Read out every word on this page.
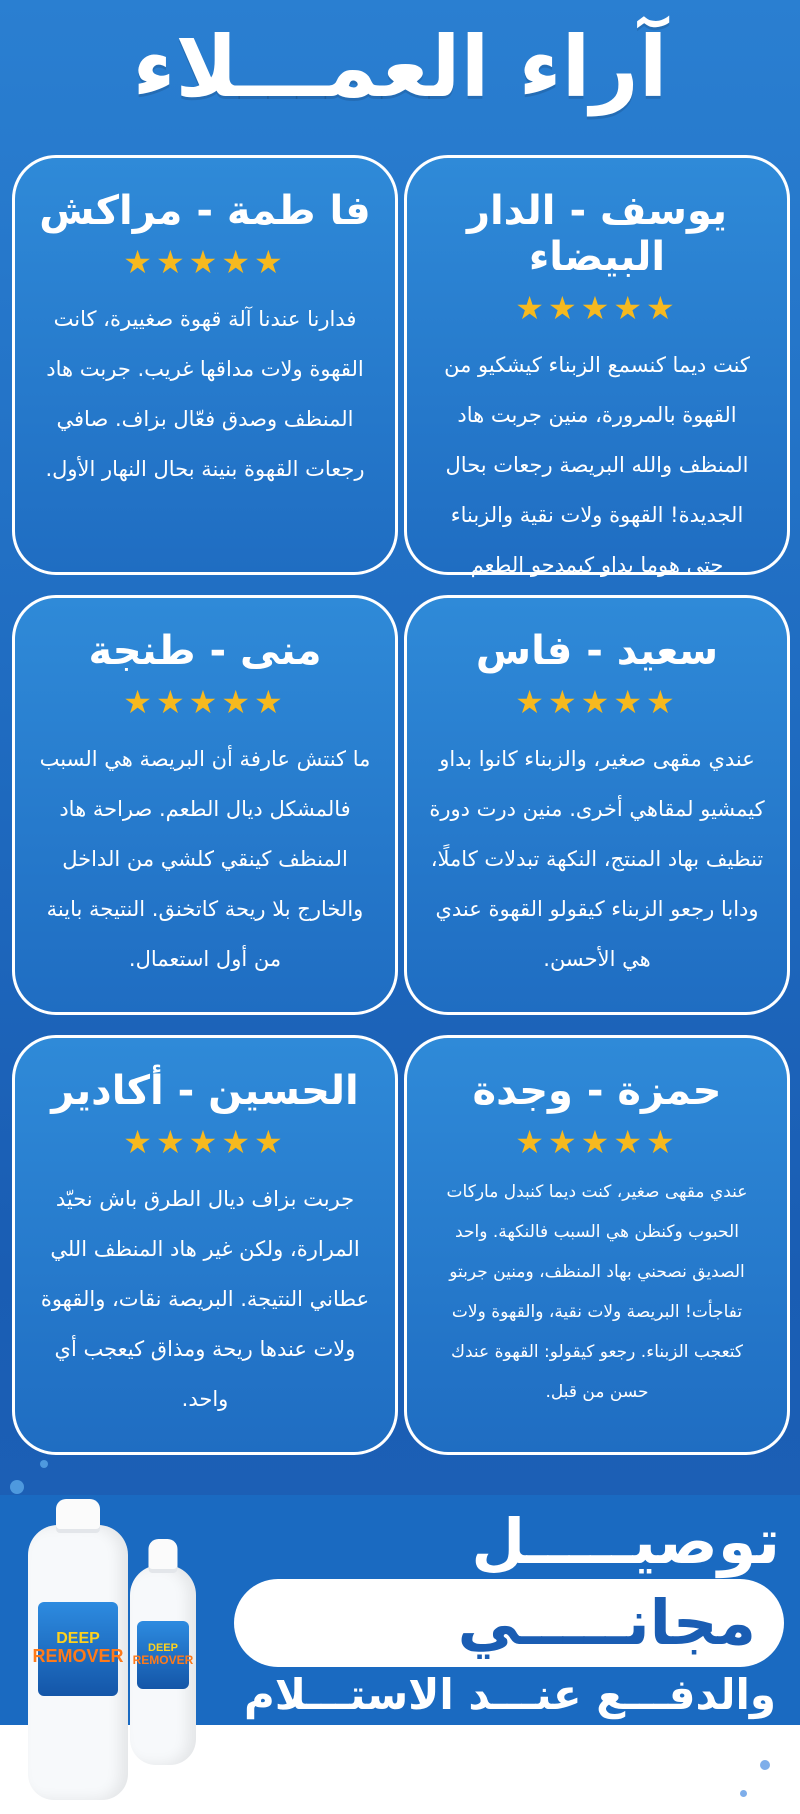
آراء العمـــلاء
يوسف - الدار البيضاء
★★★★★
كنت ديما كنسمع الزبناء كيشكيو من القهوة بالمرورة، منين جربت هاد المنظف والله البريصة رجعات بحال الجديدة! القهوة ولات نقية والزبناء حتى هوما بداو كيمدحو الطعم
فا طمة - مراكش
★★★★★
فدارنا عندنا آلة قهوة صغييرة، كانت القهوة ولات مداقها غريب. جربت هاد المنظف وصدق فعّال بزاف. صافي رجعات القهوة بنينة بحال النهار الأول.
سعيد - فاس
★★★★★
عندي مقهى صغير، والزبناء كانوا بداو كيمشيو لمقاهي أخرى. منين درت دورة تنظيف بهاد المنتج، النكهة تبدلات كاملًا، ودابا رجعو الزبناء كيقولو القهوة عندي هي الأحسن.
منى - طنجة
★★★★★
ما كنتش عارفة أن البريصة هي السبب فالمشكل ديال الطعم. صراحة هاد المنظف كينقي كلشي من الداخل والخارج بلا ريحة كاتخنق. النتيجة باينة من أول استعمال.
حمزة - وجدة
★★★★★
عندي مقهى صغير، كنت ديما كنبدل ماركات الحبوب وكنظن هي السبب فالنكهة. واحد الصديق نصحني بهاد المنظف، ومنين جربتو تفاجأت! البريصة ولات نقية، والقهوة ولات كتعجب الزبناء. رجعو كيقولو: القهوة عندك حسن من قبل.
الحسين - أكادير
★★★★★
جربت بزاف ديال الطرق باش نحيّد المرارة، ولكن غير هاد المنظف اللي عطاني النتيجة. البريصة نقات، والقهوة ولات عندها ريحة ومذاق كيعجب أي واحد.
توصيـــــل
مجانـــــي
والدفـــع عنـــد الاستـــلام
DEEP
REMOVER DEEP
REMOVER
